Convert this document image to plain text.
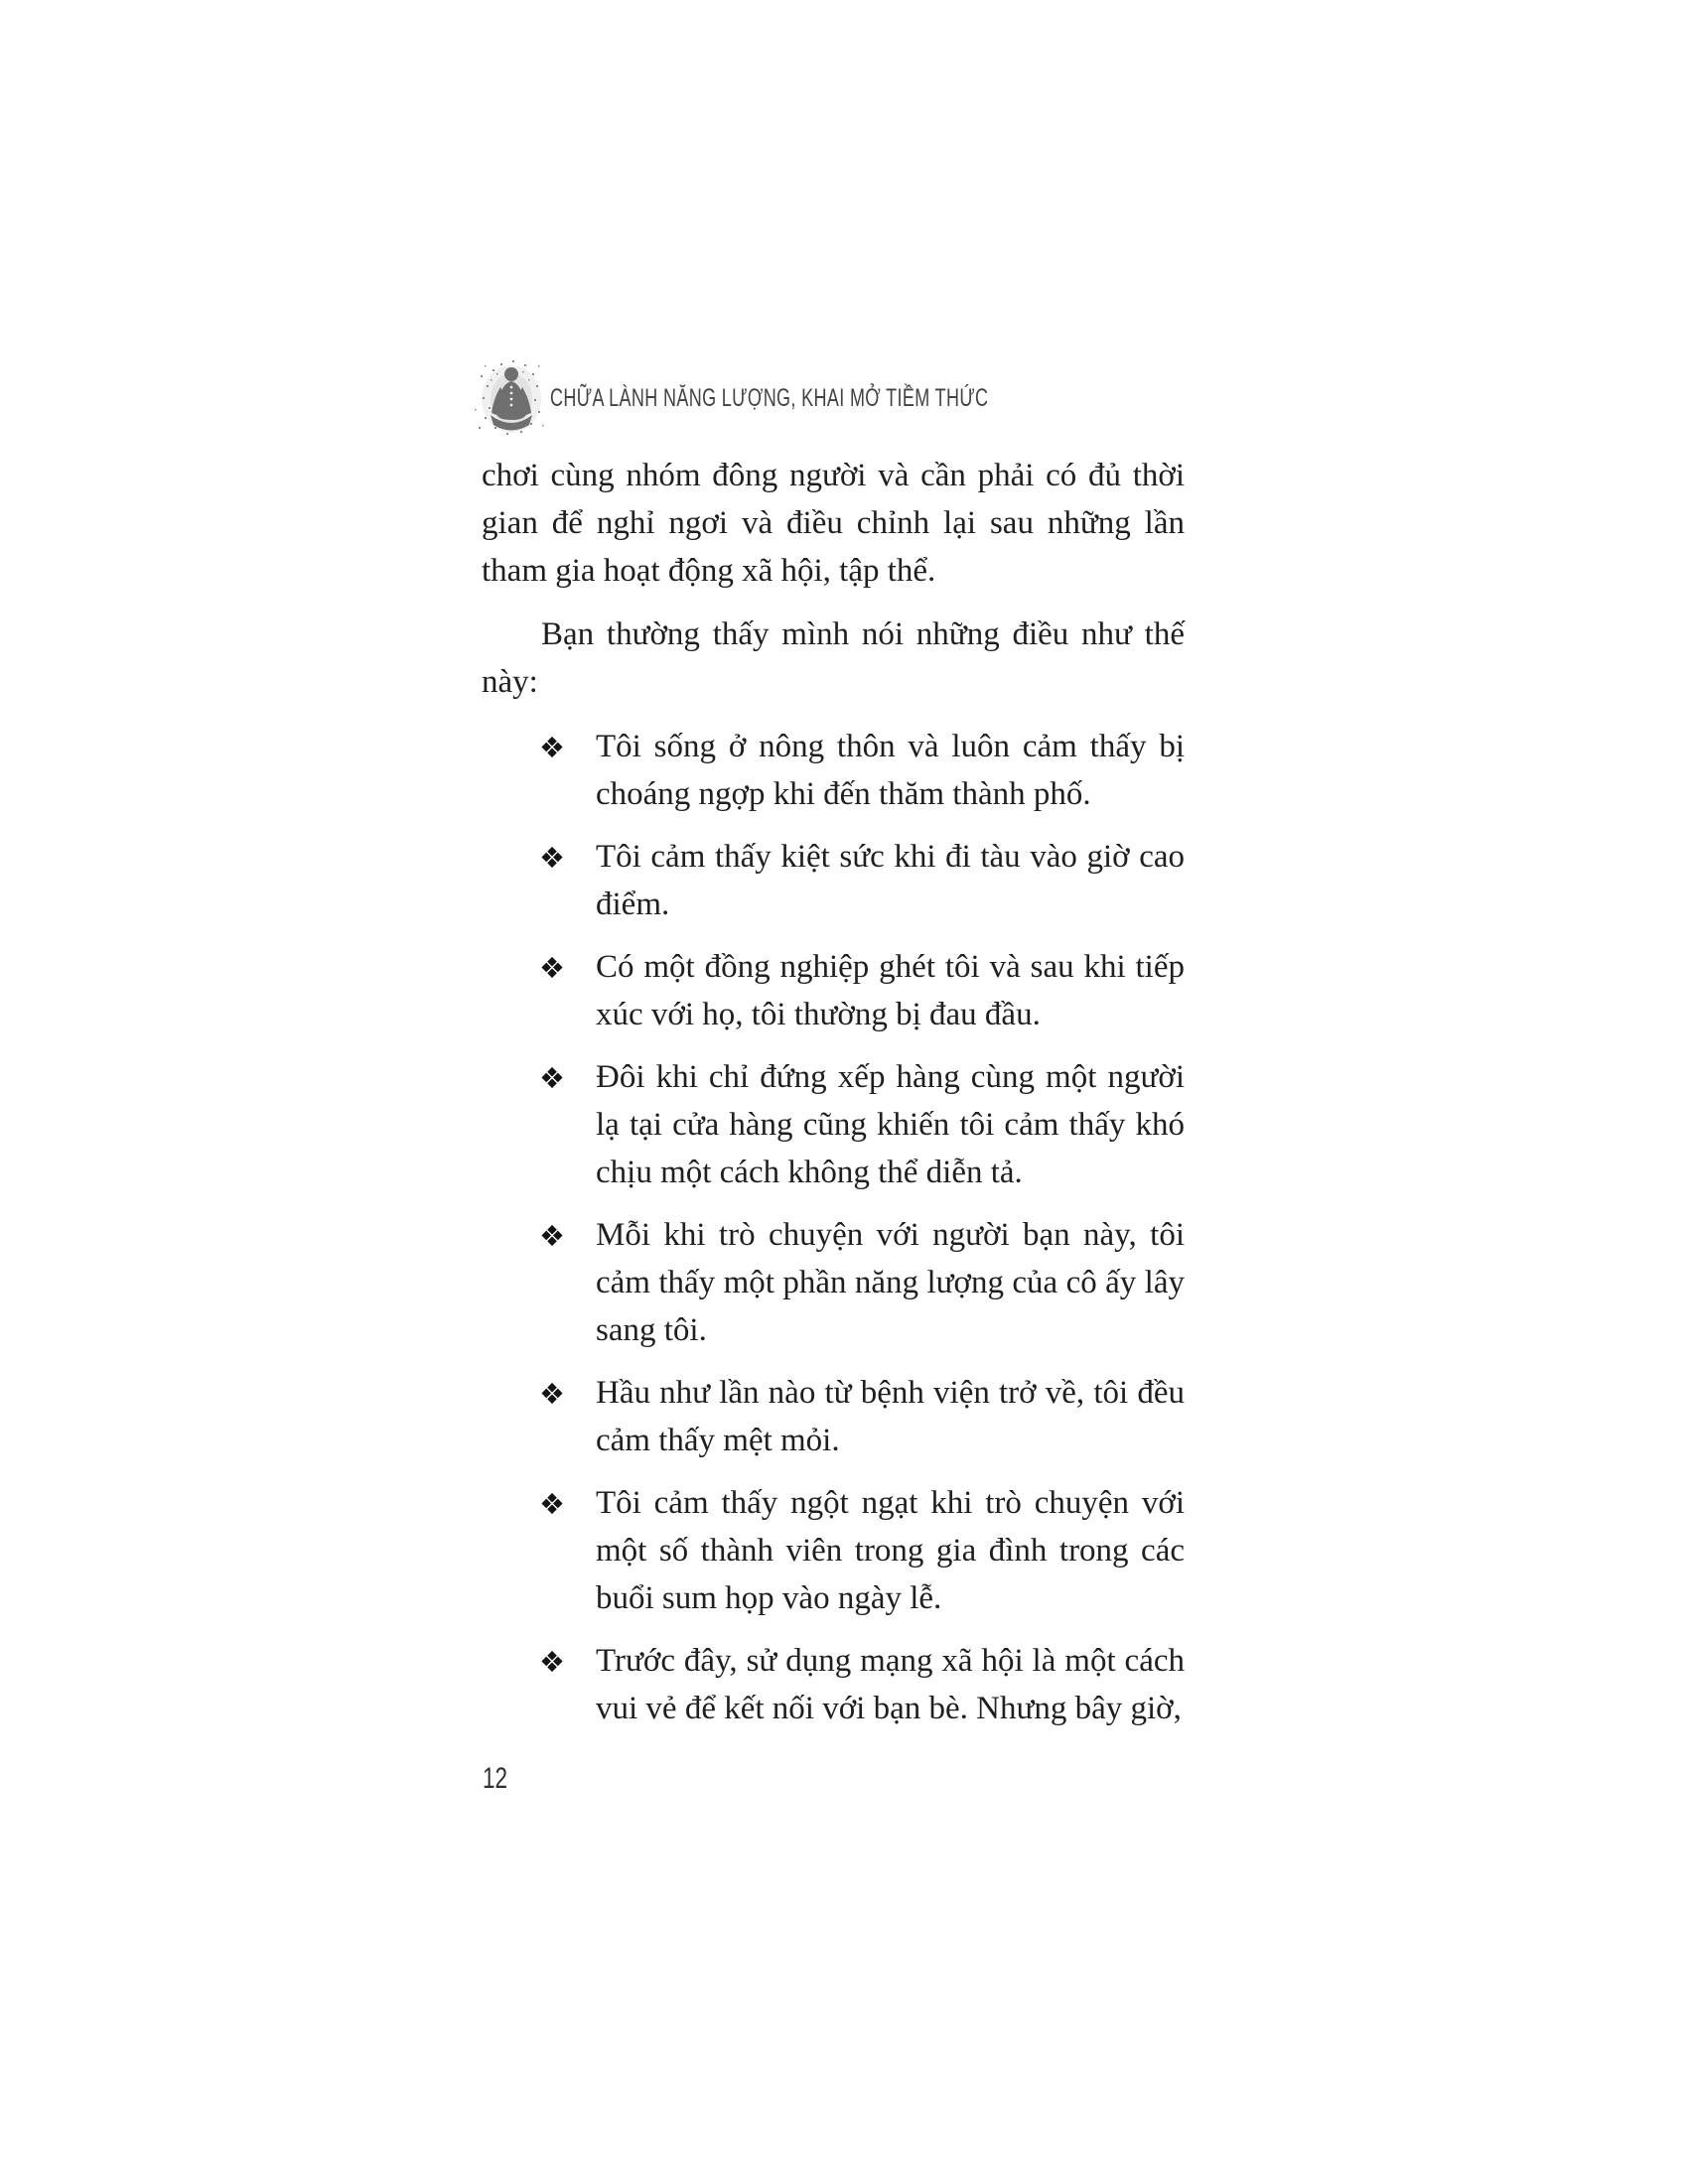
CHỮA LÀNH NĂNG LƯỢNG, KHAI MỞ TIỀM THỨC

chơi cùng nhóm đông người và cần phải có đủ thời gian để nghỉ ngơi và điều chỉnh lại sau những lần tham gia hoạt động xã hội, tập thể.

Bạn thường thấy mình nói những điều như thế này:

❖ Tôi sống ở nông thôn và luôn cảm thấy bị choáng ngợp khi đến thăm thành phố.
❖ Tôi cảm thấy kiệt sức khi đi tàu vào giờ cao điểm.
❖ Có một đồng nghiệp ghét tôi và sau khi tiếp xúc với họ, tôi thường bị đau đầu.
❖ Đôi khi chỉ đứng xếp hàng cùng một người lạ tại cửa hàng cũng khiến tôi cảm thấy khó chịu một cách không thể diễn tả.
❖ Mỗi khi trò chuyện với người bạn này, tôi cảm thấy một phần năng lượng của cô ấy lây sang tôi.
❖ Hầu như lần nào từ bệnh viện trở về, tôi đều cảm thấy mệt mỏi.
❖ Tôi cảm thấy ngột ngạt khi trò chuyện với một số thành viên trong gia đình trong các buổi sum họp vào ngày lễ.
❖ Trước đây, sử dụng mạng xã hội là một cách vui vẻ để kết nối với bạn bè. Nhưng bây giờ,
12
